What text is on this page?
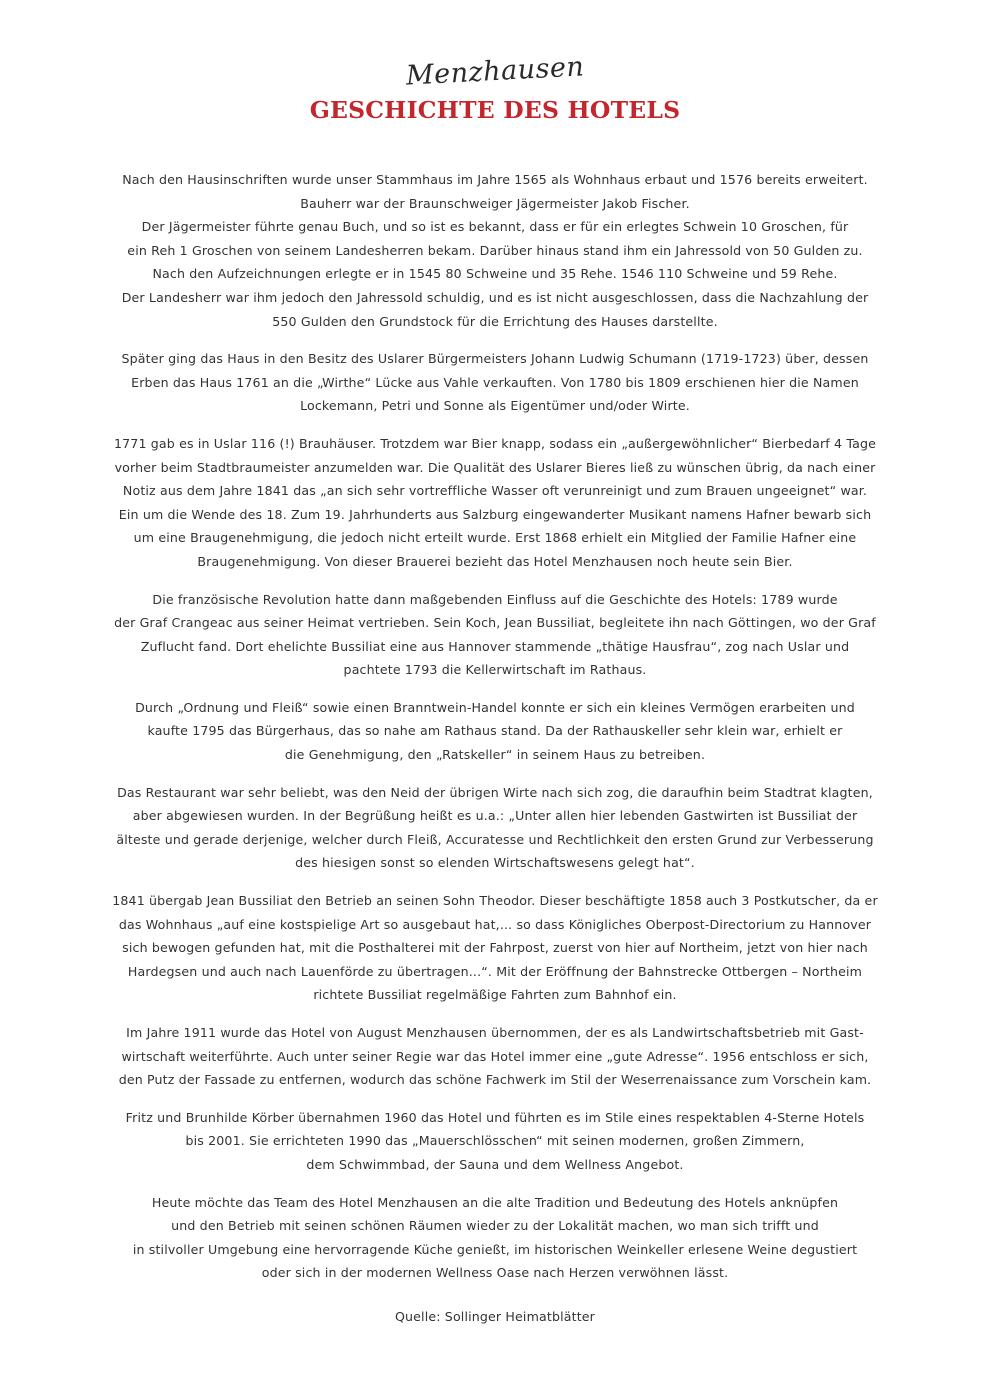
Menzhausen
GESCHICHTE DES HOTELS
Nach den Hausinschriften wurde unser Stammhaus im Jahre 1565 als Wohnhaus erbaut und 1576 bereits erweitert.
Bauherr war der Braunschweiger Jägermeister Jakob Fischer.
Der Jägermeister führte genau Buch, und so ist es bekannt, dass er für ein erlegtes Schwein 10 Groschen, für
ein Reh 1 Groschen von seinem Landesherren bekam. Darüber hinaus stand ihm ein Jahressold von 50 Gulden zu.
Nach den Aufzeichnungen erlegte er in 1545 80 Schweine und 35 Rehe. 1546 110 Schweine und 59 Rehe.
Der Landesherr war ihm jedoch den Jahressold schuldig, und es ist nicht ausgeschlossen, dass die Nachzahlung der
550 Gulden den Grundstock für die Errichtung des Hauses darstellte.
Später ging das Haus in den Besitz des Uslarer Bürgermeisters Johann Ludwig Schumann (1719-1723) über, dessen
Erben das Haus 1761 an die „Wirthe“ Lücke aus Vahle verkauften. Von 1780 bis 1809 erschienen hier die Namen
Lockemann, Petri und Sonne als Eigentümer und/oder Wirte.
1771 gab es in Uslar 116 (!) Brauhäuser. Trotzdem war Bier knapp, sodass ein „außergewöhnlicher“ Bierbedarf 4 Tage
vorher beim Stadtbraumeister anzumelden war. Die Qualität des Uslarer Bieres ließ zu wünschen übrig, da nach einer
Notiz aus dem Jahre 1841 das „an sich sehr vortreffliche Wasser oft verunreinigt und zum Brauen ungeeignet“ war.
Ein um die Wende des 18. Zum 19. Jahrhunderts aus Salzburg eingewanderter Musikant namens Hafner bewarb sich
um eine Braugenehmigung, die jedoch nicht erteilt wurde. Erst 1868 erhielt ein Mitglied der Familie Hafner eine
Braugenehmigung. Von dieser Brauerei bezieht das Hotel Menzhausen noch heute sein Bier.
Die französische Revolution hatte dann maßgebenden Einfluss auf die Geschichte des Hotels: 1789 wurde
der Graf Crangeac aus seiner Heimat vertrieben. Sein Koch, Jean Bussiliat, begleitete ihn nach Göttingen, wo der Graf
Zuflucht fand. Dort ehelichte Bussiliat eine aus Hannover stammende „thätige Hausfrau“, zog nach Uslar und
pachtete 1793 die Kellerwirtschaft im Rathaus.
Durch „Ordnung und Fleiß“ sowie einen Branntwein-Handel konnte er sich ein kleines Vermögen erarbeiten und
kaufte 1795 das Bürgerhaus, das so nahe am Rathaus stand. Da der Rathauskeller sehr klein war, erhielt er
die Genehmigung, den „Ratskeller“ in seinem Haus zu betreiben.
Das Restaurant war sehr beliebt, was den Neid der übrigen Wirte nach sich zog, die daraufhin beim Stadtrat klagten,
aber abgewiesen wurden. In der Begrüßung heißt es u.a.: „Unter allen hier lebenden Gastwirten ist Bussiliat der
älteste und gerade derjenige, welcher durch Fleiß, Accuratesse und Rechtlichkeit den ersten Grund zur Verbesserung
des hiesigen sonst so elenden Wirtschaftswesens gelegt hat“.
1841 übergab Jean Bussiliat den Betrieb an seinen Sohn Theodor. Dieser beschäftigte 1858 auch 3 Postkutscher, da er
das Wohnhaus „auf eine kostspielige Art so ausgebaut hat,... so dass Königliches Oberpost-Directorium zu Hannover
sich bewogen gefunden hat, mit die Posthalterei mit der Fahrpost, zuerst von hier auf Northeim, jetzt von hier nach
Hardegsen und auch nach Lauenförde zu übertragen...“. Mit der Eröffnung der Bahnstrecke Ottbergen – Northeim
richtete Bussiliat regelmäßige Fahrten zum Bahnhof ein.
Im Jahre 1911 wurde das Hotel von August Menzhausen übernommen, der es als Landwirtschaftsbetrieb mit Gast-
wirtschaft weiterführte. Auch unter seiner Regie war das Hotel immer eine „gute Adresse“. 1956 entschloss er sich,
den Putz der Fassade zu entfernen, wodurch das schöne Fachwerk im Stil der Weserrenaissance zum Vorschein kam.
Fritz und Brunhilde Körber übernahmen 1960 das Hotel und führten es im Stile eines respektablen 4-Sterne Hotels
bis 2001. Sie errichteten 1990 das „Mauerschlösschen“ mit seinen modernen, großen Zimmern,
dem Schwimmbad, der Sauna und dem Wellness Angebot.
Heute möchte das Team des Hotel Menzhausen an die alte Tradition und Bedeutung des Hotels anknüpfen
und den Betrieb mit seinen schönen Räumen wieder zu der Lokalität machen, wo man sich trifft und
in stilvoller Umgebung eine hervorragende Küche genießt, im historischen Weinkeller erlesene Weine degustiert
oder sich in der modernen Wellness Oase nach Herzen verwöhnen lässt.
Quelle: Sollinger Heimatblätter
